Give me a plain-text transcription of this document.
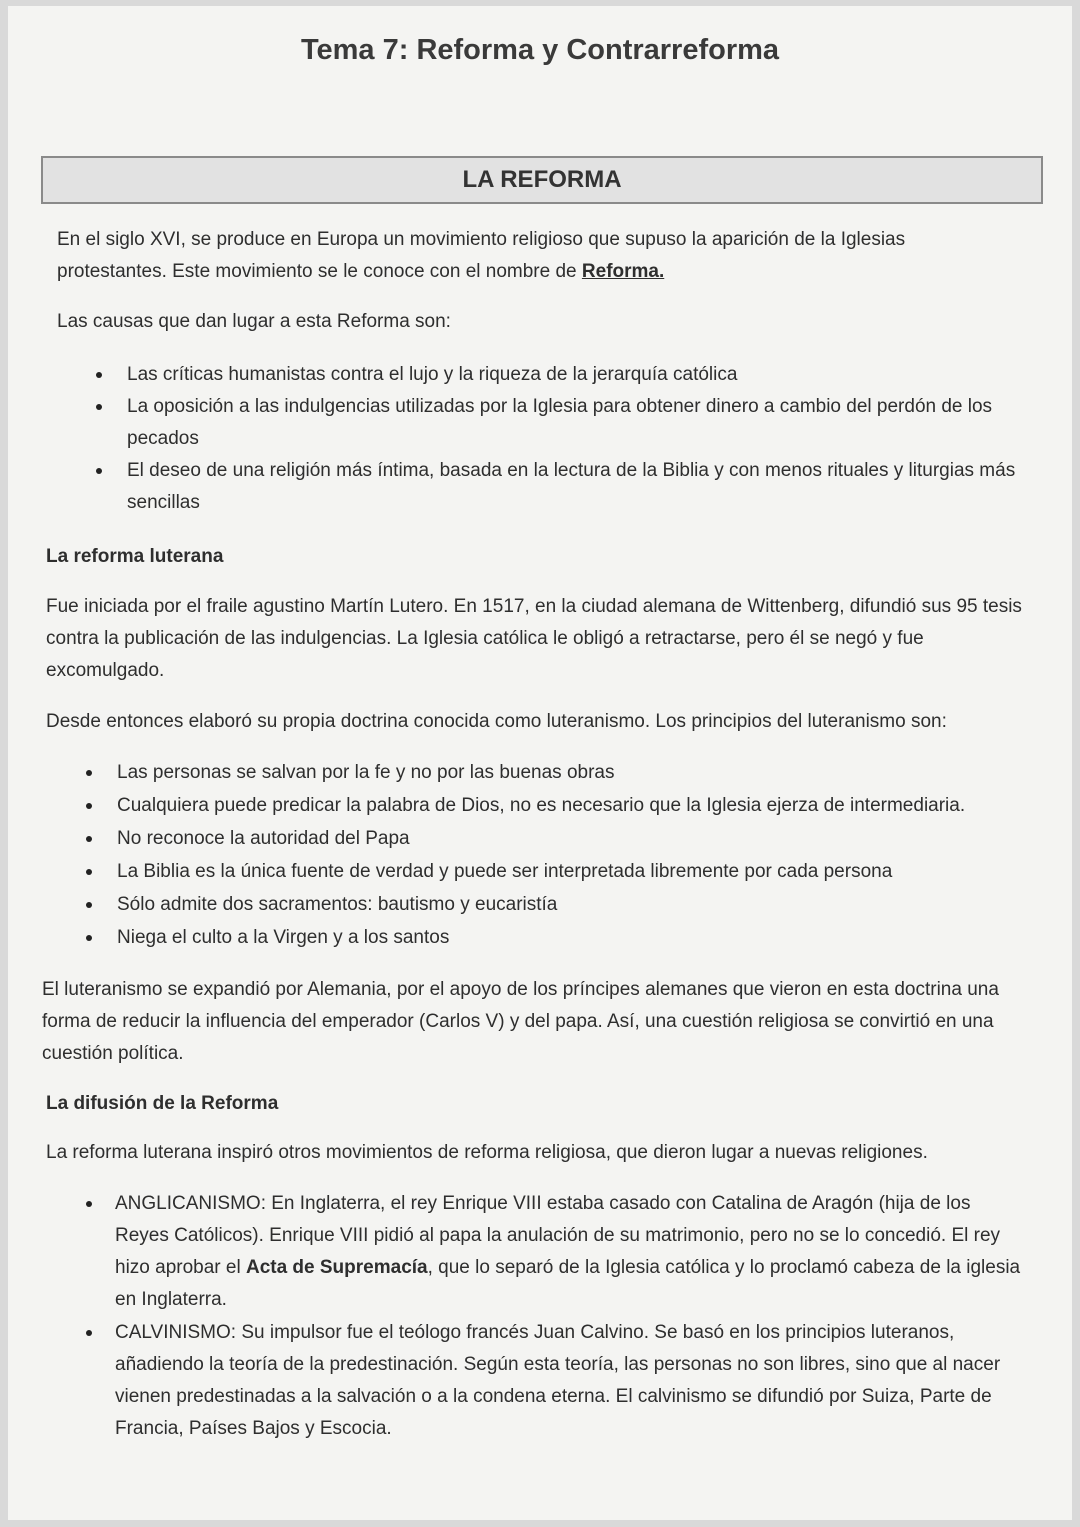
Tema 7: Reforma y Contrarreforma
LA REFORMA

En el siglo XVI, se produce en Europa un movimiento religioso que supuso la aparición de la Iglesias protestantes. Este movimiento se le conoce con el nombre de Reforma.

Las causas que dan lugar a esta Reforma son:

Las críticas humanistas contra el lujo y la riqueza de la jerarquía católica
La oposición a las indulgencias utilizadas por la Iglesia para obtener dinero a cambio del perdón de los pecados
El deseo de una religión más íntima, basada en la lectura de la Biblia y con menos rituales y liturgias más sencillas
La reforma luterana

Fue iniciada por el fraile agustino Martín Lutero. En 1517, en la ciudad alemana de Wittenberg, difundió sus 95 tesis contra la publicación de las indulgencias. La Iglesia católica le obligó a retractarse, pero él se negó y fue excomulgado.

Desde entonces elaboró su propia doctrina conocida como luteranismo. Los principios del luteranismo son:

Las personas se salvan por la fe y no por las buenas obras
Cualquiera puede predicar la palabra de Dios, no es necesario que la Iglesia ejerza de intermediaria.
No reconoce la autoridad del Papa
La Biblia es la única fuente de verdad y puede ser interpretada libremente por cada persona
Sólo admite dos sacramentos: bautismo y eucaristía
Niega el culto a la Virgen y a los santos

El luteranismo se expandió por Alemania, por el apoyo de los príncipes alemanes que vieron en esta doctrina una forma de reducir la influencia del emperador (Carlos V) y del papa. Así, una cuestión religiosa se convirtió en una cuestión política.

La difusión de la Reforma

La reforma luterana inspiró otros movimientos de reforma religiosa, que dieron lugar a nuevas religiones.

ANGLICANISMO: En Inglaterra, el rey Enrique VIII estaba casado con Catalina de Aragón (hija de los Reyes Católicos). Enrique VIII pidió al papa la anulación de su matrimonio, pero no se lo concedió. El rey hizo aprobar el Acta de Supremacía, que lo separó de la Iglesia católica y lo proclamó cabeza de la iglesia en Inglaterra.
CALVINISMO: Su impulsor fue el teólogo francés Juan Calvino. Se basó en los principios luteranos, añadiendo la teoría de la predestinación. Según esta teoría, las personas no son libres, sino que al nacer vienen predestinadas a la salvación o a la condena eterna. El calvinismo se difundió por Suiza, Parte de Francia, Países Bajos y Escocia.
